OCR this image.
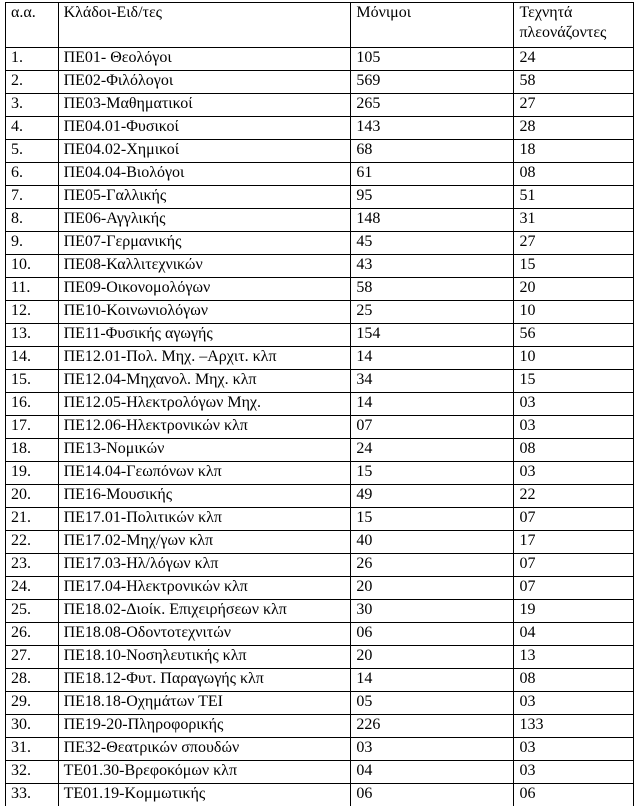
α.α.	Κλάδοι-Ειδ/τες	Μόνιμοι	Τεχνητά πλεονάζοντες
1.	ΠΕ01- Θεολόγοι	105	24
2.	ΠΕ02-Φιλόλογοι	569	58
3.	ΠΕ03-Μαθηματικοί	265	27
4.	ΠΕ04.01-Φυσικοί	143	28
5.	ΠΕ04.02-Χημικοί	68	18
6.	ΠΕ04.04-Βιολόγοι	61	08
7.	ΠΕ05-Γαλλικής	95	51
8.	ΠΕ06-Αγγλικής	148	31
9.	ΠΕ07-Γερμανικής	45	27
10.	ΠΕ08-Καλλιτεχνικών	43	15
11.	ΠΕ09-Οικονομολόγων	58	20
12.	ΠΕ10-Κοινωνιολόγων	25	10
13.	ΠΕ11-Φυσικής αγωγής	154	56
14.	ΠΕ12.01-Πολ. Μηχ. –Αρχιτ. κλπ	14	10
15.	ΠΕ12.04-Μηχανολ. Μηχ. κλπ	34	15
16.	ΠΕ12.05-Ηλεκτρολόγων Μηχ.	14	03
17.	ΠΕ12.06-Ηλεκτρονικών κλπ	07	03
18.	ΠΕ13-Νομικών	24	08
19.	ΠΕ14.04-Γεωπόνων κλπ	15	03
20.	ΠΕ16-Μουσικής	49	22
21.	ΠΕ17.01-Πολιτικών κλπ	15	07
22.	ΠΕ17.02-Μηχ/γων κλπ	40	17
23.	ΠΕ17.03-Ηλ/λόγων κλπ	26	07
24.	ΠΕ17.04-Ηλεκτρονικών κλπ	20	07
25.	ΠΕ18.02-Διοίκ. Επιχειρήσεων κλπ	30	19
26.	ΠΕ18.08-Οδοντοτεχνιτών	06	04
27.	ΠΕ18.10-Νοσηλευτικής κλπ	20	13
28.	ΠΕ18.12-Φυτ. Παραγωγής κλπ	14	08
29.	ΠΕ18.18-Οχημάτων ΤΕΙ	05	03
30.	ΠΕ19-20-Πληροφορικής	226	133
31.	ΠΕ32-Θεατρικών σπουδών	03	03
32.	ΤΕ01.30-Βρεφοκόμων κλπ	04	03
33.	ΤΕ01.19-Κομμωτικής	06	06
